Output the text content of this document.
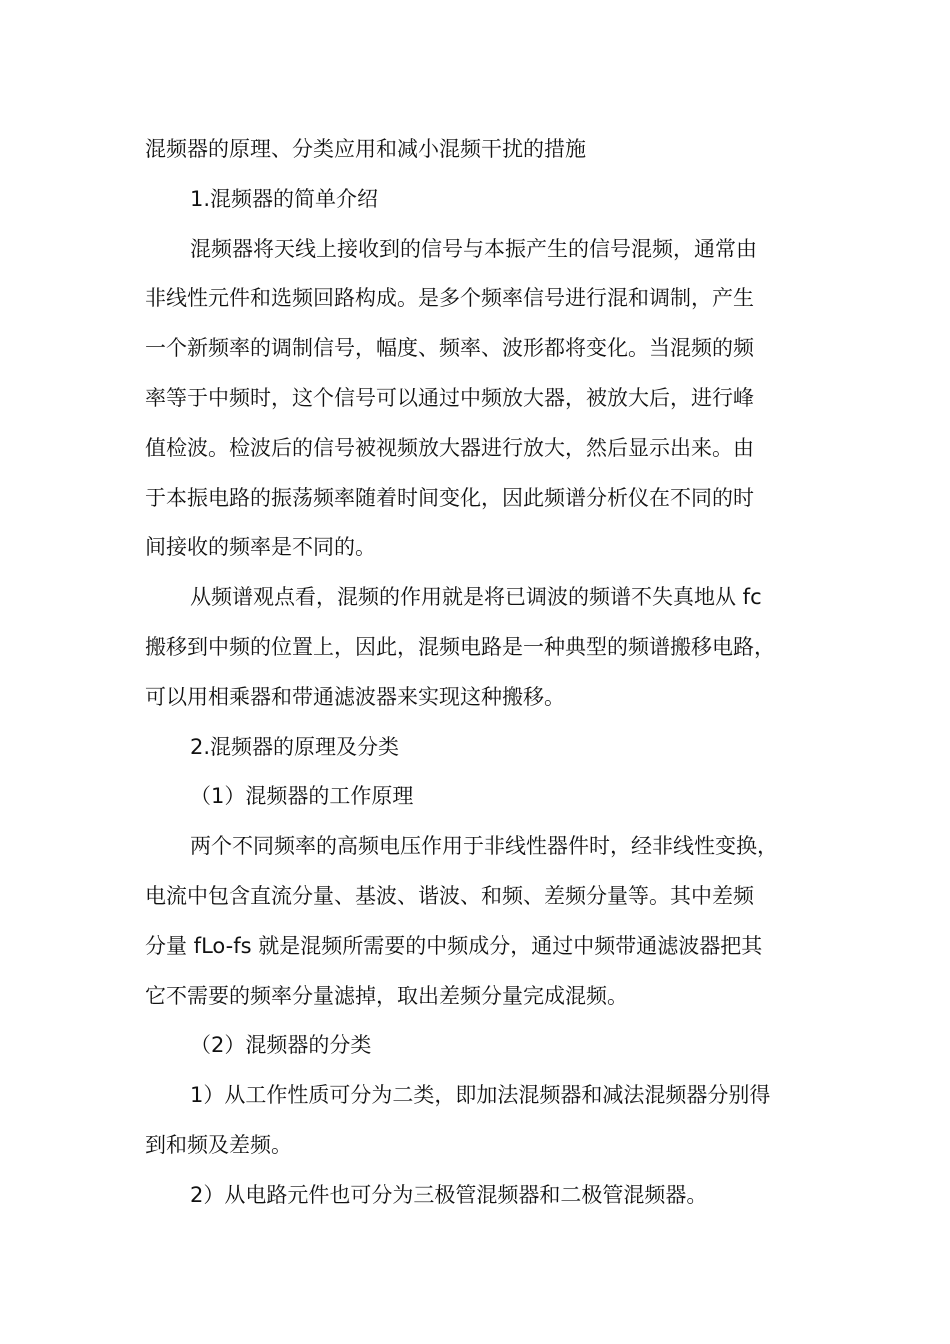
混频器的原理、分类应用和减小混频干扰的措施
1.混频器的简单介绍
混频器将天线上接收到的信号与本振产生的信号混频，通常由
非线性元件和选频回路构成。是多个频率信号进行混和调制，产生
一个新频率的调制信号，幅度、频率、波形都将变化。当混频的频
率等于中频时，这个信号可以通过中频放大器，被放大后，进行峰
值检波。检波后的信号被视频放大器进行放大，然后显示出来。由
于本振电路的振荡频率随着时间变化，因此频谱分析仪在不同的时
间接收的频率是不同的。
从频谱观点看，混频的作用就是将已调波的频谱不失真地从 fc
搬移到中频的位置上，因此，混频电路是一种典型的频谱搬移电路，
可以用相乘器和带通滤波器来实现这种搬移。
2.混频器的原理及分类
（1）混频器的工作原理
两个不同频率的高频电压作用于非线性器件时，经非线性变换，
电流中包含直流分量、基波、谐波、和频、差频分量等。其中差频
分量 fLo-fs 就是混频所需要的中频成分，通过中频带通滤波器把其
它不需要的频率分量滤掉，取出差频分量完成混频。
（2）混频器的分类
1）从工作性质可分为二类，即加法混频器和减法混频器分别得
到和频及差频。
2）从电路元件也可分为三极管混频器和二极管混频器。
